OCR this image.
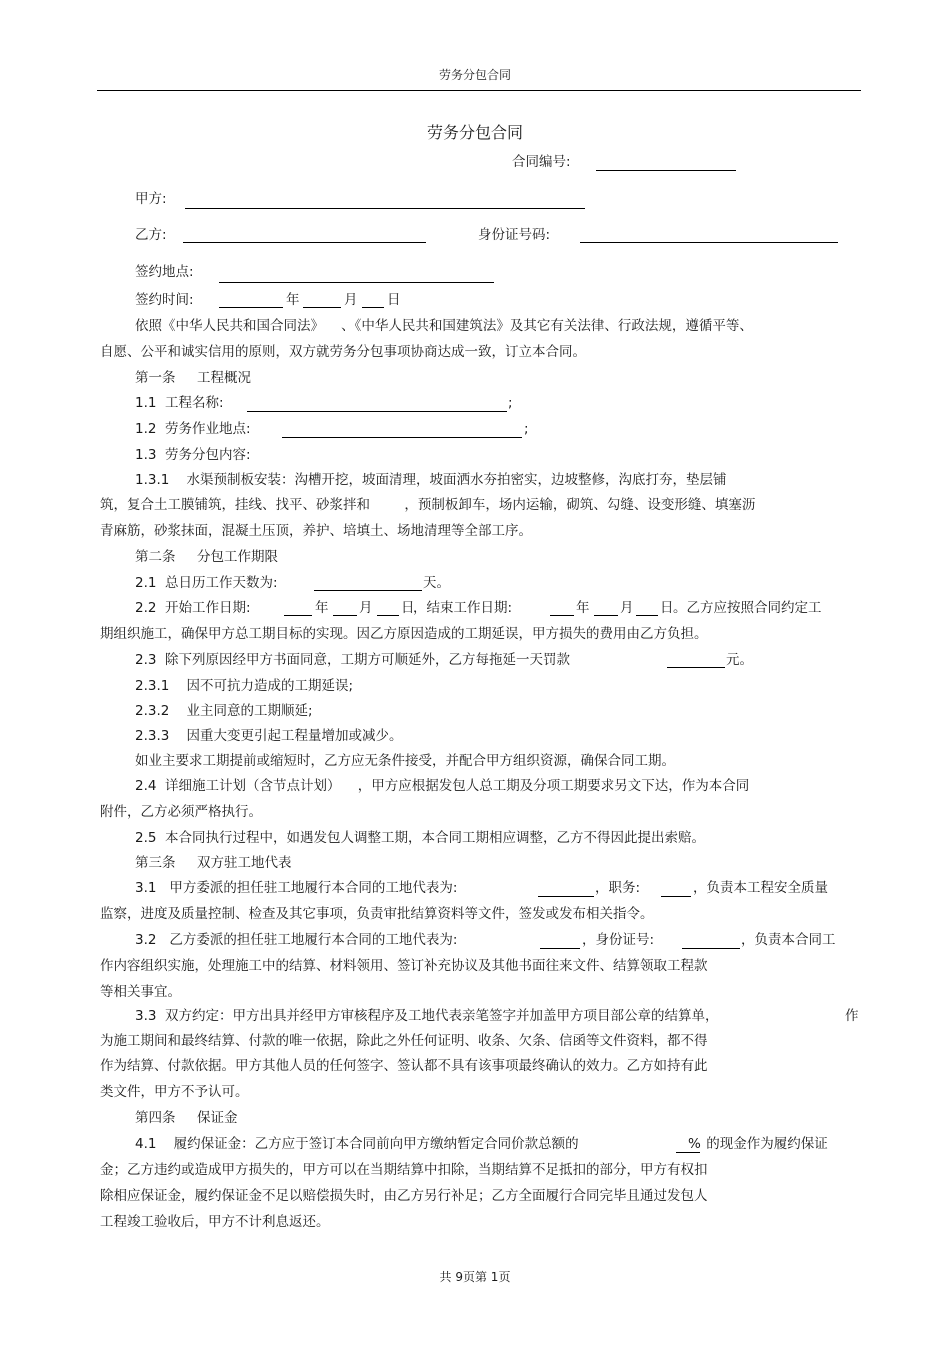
劳务分包合同
劳务分包合同
合同编号:
甲方:
乙方:	身份证号码:
签约地点:
签约时间:	年	月 日
依照《中华人民共和国合同法》    、《中华人民共和国建筑法》及其它有关法律、行政法规，遵循平等、
自愿、公平和诚实信用的原则，双方就劳务分包事项协商达成一致，订立本合同。
第一条     工程概况
1.1  工程名称:	;
1.2  劳务作业地点:	;
1.3  劳务分包内容:
1.3.1    水渠预制板安装：沟槽开挖，坡面清理，坡面洒水夯拍密实，边坡整修，沟底打夯，垫层铺
筑，复合土工膜铺筑，挂线、找平、砂浆拌和        ，预制板卸车，场内运输，砌筑、勾缝、设变形缝、填塞沥
青麻筋，砂浆抹面，混凝土压顶，养护、培填土、场地清理等全部工序。
第二条     分包工作期限
2.1  总日历工作天数为:	天。
2.2  开始工作日期:	年 月 日
，结束工作日期:	年 月 日 。乙方应按照合同约定工
期组织施工，确保甲方总工期目标的实现。因乙方原因造成的工期延误，甲方损失的费用由乙方负担。
2.3  除下列原因经甲方书面同意，工期方可顺延外，乙方每拖延一天罚款	元。
2.3.1    因不可抗力造成的工期延误;
2.3.2    业主同意的工期顺延;
2.3.3    因重大变更引起工程量增加或减少。
如业主要求工期提前或缩短时，乙方应无条件接受，并配合甲方组织资源，确保合同工期。
2.4  详细施工计划（含节点计划）    ，甲方应根据发包人总工期及分项工期要求另文下达，作为本合同
附件，乙方必须严格执行。
2.5  本合同执行过程中，如遇发包人调整工期，本合同工期相应调整，乙方不得因此提出索赔。
第三条     双方驻工地代表
3.1   甲方委派的担任驻工地履行本合同的工地代表为:	，职务:	，负责本工程安全质量
监察，进度及质量控制、检查及其它事项，负责审批结算资料等文件，签发或发布相关指令。
3.2   乙方委派的担任驻工地履行本合同的工地代表为:	，身份证号:	，负责本合同工
作内容组织实施，处理施工中的结算、材料领用、签订补充协议及其他书面往来文件、结算领取工程款
等相关事宜。
3.3  双方约定：甲方出具并经甲方审核程序及工地代表亲笔签字并加盖甲方项目部公章的结算单，	作
为施工期间和最终结算、付款的唯一依据，除此之外任何证明、收条、欠条、信函等文件资料，都不得
作为结算、付款依据。甲方其他人员的任何签字、签认都不具有该事项最终确认的效力。乙方如持有此
类文件，甲方不予认可。
第四条     保证金
4.1    履约保证金：乙方应于签订本合同前向甲方缴纳暂定合同价款总额的	% 的现金作为履约保证
金；乙方违约或造成甲方损失的，甲方可以在当期结算中扣除，当期结算不足抵扣的部分，甲方有权扣
除相应保证金，履约保证金不足以赔偿损失时，由乙方另行补足；乙方全面履行合同完毕且通过发包人
工程竣工验收后，甲方不计利息返还。
共 9页第 1页
